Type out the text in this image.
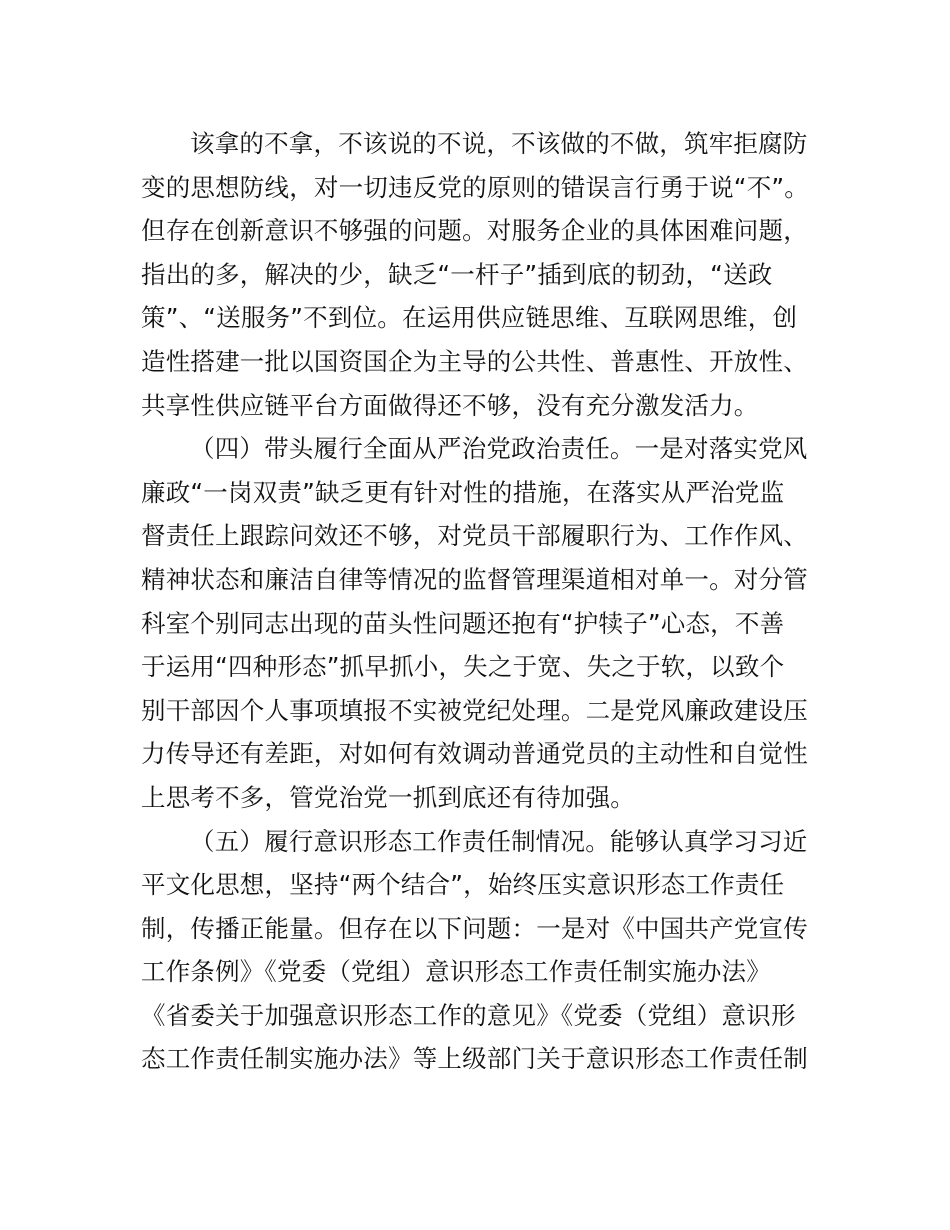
该拿的不拿，不该说的不说，不该做的不做，筑牢拒腐防
变的思想防线，对一切违反党的原则的错误言行勇于说“不”。
但存在创新意识不够强的问题。对服务企业的具体困难问题，
指出的多，解决的少，缺乏“一杆子”插到底的韧劲，“送政
策”、“送服务”不到位。在运用供应链思维、互联网思维，创
造性搭建一批以国资国企为主导的公共性、普惠性、开放性、
共享性供应链平台方面做得还不够，没有充分激发活力。
（四）带头履行全面从严治党政治责任。一是对落实党风
廉政“一岗双责”缺乏更有针对性的措施，在落实从严治党监
督责任上跟踪问效还不够，对党员干部履职行为、工作作风、
精神状态和廉洁自律等情况的监督管理渠道相对单一。对分管
科室个别同志出现的苗头性问题还抱有“护犊子”心态，不善
于运用“四种形态”抓早抓小，失之于宽、失之于软，以致个
别干部因个人事项填报不实被党纪处理。二是党风廉政建设压
力传导还有差距，对如何有效调动普通党员的主动性和自觉性
上思考不多，管党治党一抓到底还有待加强。
（五）履行意识形态工作责任制情况。能够认真学习习近
平文化思想，坚持“两个结合”，始终压实意识形态工作责任
制，传播正能量。但存在以下问题：一是对《中国共产党宣传
工作条例》《党委（党组）意识形态工作责任制实施办法》
《省委关于加强意识形态工作的意见》《党委（党组）意识形
态工作责任制实施办法》等上级部门关于意识形态工作责任制
